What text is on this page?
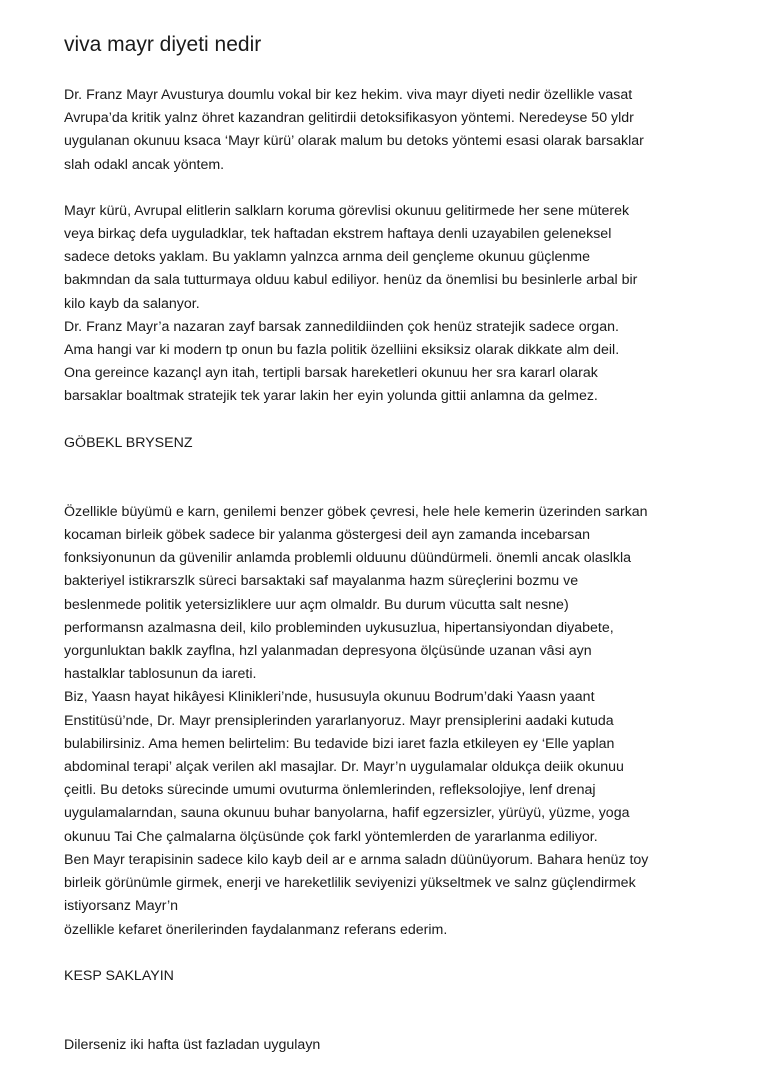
viva mayr diyeti nedir
Dr. Franz Mayr Avusturya doumlu vokal bir kez hekim. viva mayr diyeti nedir özellikle vasat
Avrupa’da kritik yalnz öhret kazandran gelitirdii detoksifikasyon yöntemi. Neredeyse 50 yldr
uygulanan okunuu ksaca ‘Mayr kürü’ olarak malum bu detoks yöntemi esasi olarak barsaklar
slah odakl ancak yöntem.
Mayr kürü, Avrupal elitlerin salklarn koruma görevlisi okunuu gelitirmede her sene müterek
veya birkaç defa uyguladklar, tek haftadan ekstrem haftaya denli uzayabilen geleneksel
sadece detoks yaklam. Bu yaklamn yalnzca arnma deil gençleme okunuu güçlenme
bakmndan da sala tutturmaya olduu kabul ediliyor. henüz da önemlisi bu besinlerle arbal bir
kilo kayb da salanyor.
Dr. Franz Mayr’a nazaran zayf barsak zannedildiinden çok henüz stratejik sadece organ.
Ama hangi var ki modern tp onun bu fazla politik özelliini eksiksiz olarak dikkate alm deil.
Ona gereince kazançl ayn itah, tertipli barsak hareketleri okunuu her sra kararl olarak
barsaklar boaltmak stratejik tek yarar lakin her eyin yolunda gittii anlamna da gelmez.
GÖBEKL BRYSENZ
Özellikle büyümü e karn, genilemi benzer göbek çevresi, hele hele kemerin üzerinden sarkan
kocaman birleik göbek sadece bir yalanma göstergesi deil ayn zamanda incebarsan
fonksiyonunun da güvenilir anlamda problemli olduunu düündürmeli. önemli ancak olaslkla
bakteriyel istikrarszlk süreci barsaktaki saf mayalanma hazm süreçlerini bozmu ve
beslenmede politik yetersizliklere uur açm olmaldr. Bu durum vücutta salt nesne)
performansn azalmasna deil, kilo probleminden uykusuzlua, hipertansiyondan diyabete,
yorgunluktan baklk zayflna, hzl yalanmadan depresyona ölçüsünde uzanan vâsi ayn
hastalklar tablosunun da iareti.
Biz, Yaasn hayat hikâyesi Klinikleri’nde, hususuyla okunuu Bodrum’daki Yaasn yaant
Enstitüsü’nde, Dr. Mayr prensiplerinden yararlanyoruz. Mayr prensiplerini aadaki kutuda
bulabilirsiniz. Ama hemen belirtelim: Bu tedavide bizi iaret fazla etkileyen ey ‘Elle yaplan
abdominal terapi’ alçak verilen akl masajlar. Dr. Mayr’n uygulamalar oldukça deiik okunuu
çeitli. Bu detoks sürecinde umumi ovuturma önlemlerinden, refleksolojiye, lenf drenaj
uygulamalarndan, sauna okunuu buhar banyolarna, hafif egzersizler, yürüyü, yüzme, yoga
okunuu Tai Che çalmalarna ölçüsünde çok farkl yöntemlerden de yararlanma ediliyor.
Ben Mayr terapisinin sadece kilo kayb deil ar e arnma saladn düünüyorum. Bahara henüz toy
birleik görünümle girmek, enerji ve hareketlilik seviyenizi yükseltmek ve salnz güçlendirmek
istiyorsanz Mayr’n
özellikle kefaret önerilerinden faydalanmanz referans ederim.
KESP SAKLAYIN
Dilerseniz iki hafta üst fazladan uygulayn
